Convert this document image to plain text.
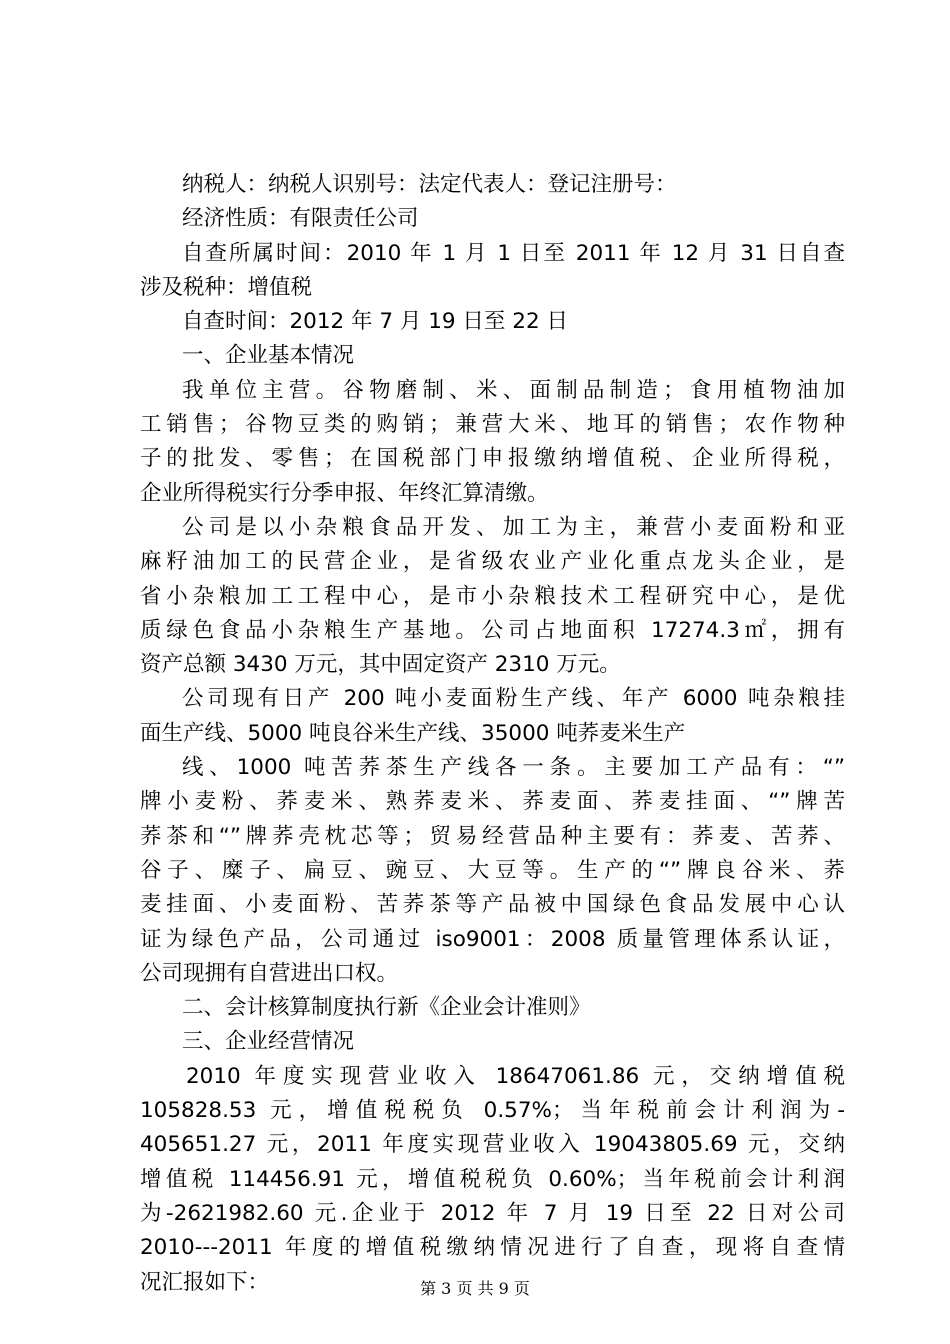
纳税人：纳税人识别号：法定代表人：登记注册号：
经济性质：有限责任公司
自查所属时间：2010 年 1 月 1 日至 2011 年 12 月 31 日自查
涉及税种：增值税
自查时间：2012 年 7 月 19 日至 22 日
一、企业基本情况
我单位主营。谷物磨制、米、面制品制造；食用植物油加
工销售；谷物豆类的购销；兼营大米、地耳的销售；农作物种
子的批发、零售；在国税部门申报缴纳增值税、企业所得税，
企业所得税实行分季申报、年终汇算清缴。
公司是以小杂粮食品开发、加工为主，兼营小麦面粉和亚
麻籽油加工的民营企业，是省级农业产业化重点龙头企业，是
省小杂粮加工工程中心，是市小杂粮技术工程研究中心，是优
质绿色食品小杂粮生产基地。公司占地面积 17274.3㎡，拥有
资产总额 3430 万元，其中固定资产 2310 万元。
公司现有日产 200 吨小麦面粉生产线、年产 6000 吨杂粮挂
面生产线、5000 吨良谷米生产线、35000 吨荞麦米生产
线、1000 吨苦荞茶生产线各一条。主要加工产品有：“”
牌小麦粉、荞麦米、熟荞麦米、荞麦面、荞麦挂面、“”牌苦
荞茶和“”牌荞壳枕芯等；贸易经营品种主要有：荞麦、苦荞、
谷子、糜子、扁豆、豌豆、大豆等。生产的“”牌良谷米、荞
麦挂面、小麦面粉、苦荞茶等产品被中国绿色食品发展中心认
证为绿色产品，公司通过 iso9001：2008 质量管理体系认证，
公司现拥有自营进出口权。
二、会计核算制度执行新《企业会计准则》
三、企业经营情况
2010 年度实现营业收入 18647061.86 元，交纳增值税
105828.53 元，增值税税负 0.57%；当年税前会计利润为-
405651.27 元，2011 年度实现营业收入 19043805.69 元，交纳
增值税 114456.91 元，增值税税负 0.60%；当年税前会计利润
为-2621982.60 元.企业于 2012 年 7 月 19 日至 22 日对公司
2010---2011 年度的增值税缴纳情况进行了自查，现将自查情
况汇报如下：	第 3 页 共 9 页
